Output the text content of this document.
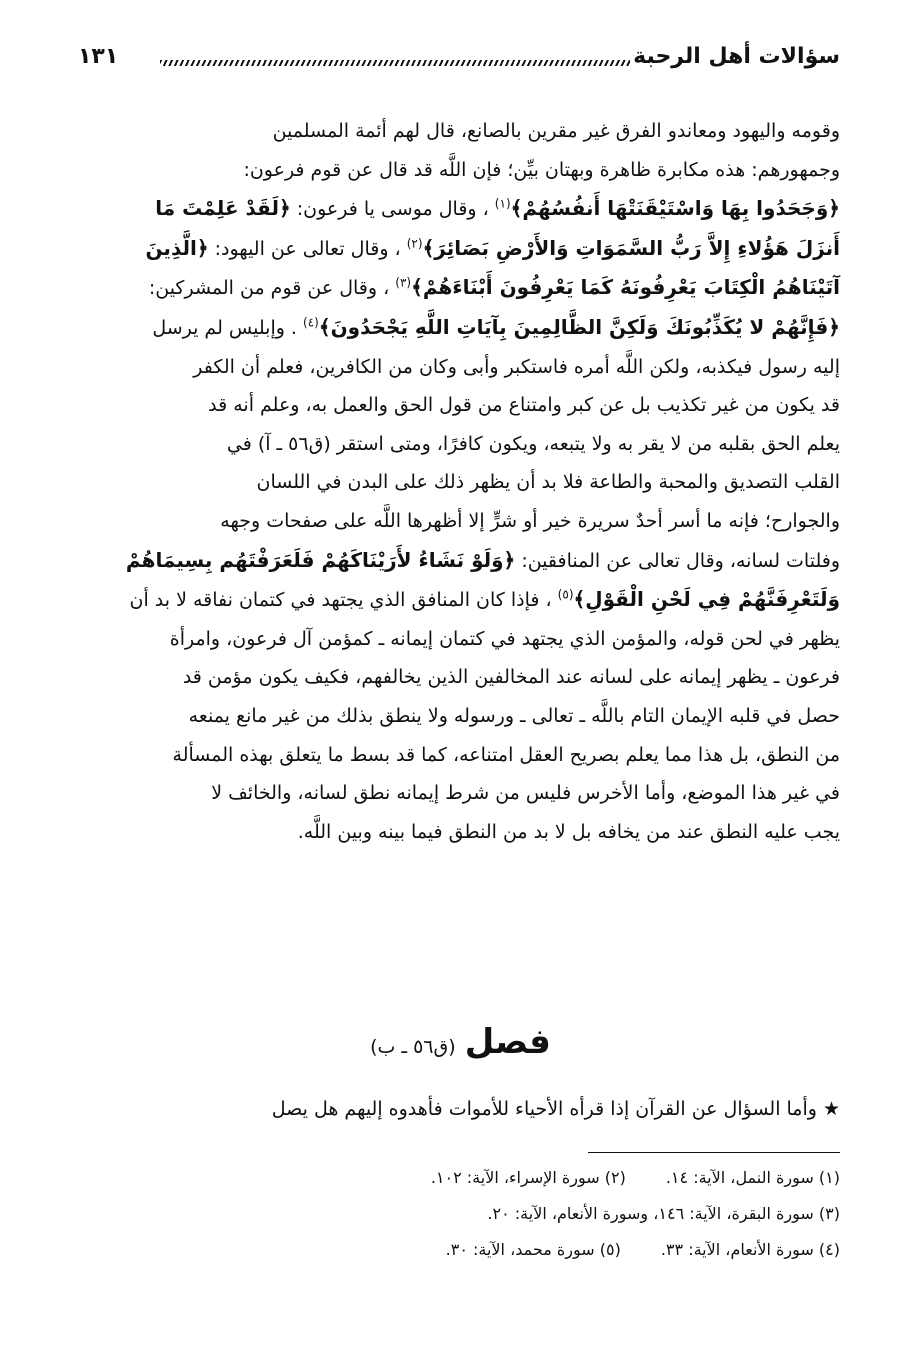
سؤالات أهل الرحبة
١٣١

وقومه واليهود ومعاندو الفرق غير مقرين بالصانع، قال لهم أئمة المسلمين

وجمهورهم: هذه مكابرة ظاهرة وبهتان بيِّن؛ فإن اللَّه قد قال عن قوم فرعون:

﴿وَجَحَدُوا بِهَا وَاسْتَيْقَنَتْهَا أَنفُسُهُمْ﴾$^{(١)}$ ، وقال موسى يا فرعون: ﴿لَقَدْ عَلِمْتَ مَا

أَنزَلَ هَؤُلاءِ إِلاَّ رَبُّ السَّمَوَاتِ وَالأَرْضِ بَصَائِرَ﴾$^{(٢)}$ ، وقال تعالى عن اليهود: ﴿الَّذِينَ

آتَيْنَاهُمُ الْكِتَابَ يَعْرِفُونَهُ كَمَا يَعْرِفُونَ أَبْنَاءَهُمْ﴾$^{(٣)}$ ، وقال عن قوم من المشركين:

﴿فَإِنَّهُمْ لا يُكَذِّبُونَكَ وَلَكِنَّ الظَّالِمِينَ بِآيَاتِ اللَّهِ يَجْحَدُونَ﴾$^{(٤)}$ . وإبليس لم يرسل

إليه رسول فيكذبه، ولكن اللَّه أمره فاستكبر وأبى وكان من الكافرين، فعلم أن الكفر

قد يكون من غير تكذيب بل عن كبر وامتناع من قول الحق والعمل به، وعلم أنه قد

يعلم الحق بقلبه من لا يقر به ولا يتبعه، ويكون كافرًا، ومتى استقر (ق٥٦ ـ آ) في

القلب التصديق والمحبة والطاعة فلا بد أن يظهر ذلك على البدن في اللسان

والجوارح؛ فإنه ما أسر أحدٌ سريرة خير أو شرٍّ إلا أظهرها اللَّه على صفحات وجهه

وفلتات لسانه، وقال تعالى عن المنافقين: ﴿وَلَوْ نَشَاءُ لأَرَيْنَاكَهُمْ فَلَعَرَفْتَهُم بِسِيمَاهُمْ

وَلَتَعْرِفَنَّهُمْ فِي لَحْنِ الْقَوْلِ﴾$^{(٥)}$ ، فإذا كان المنافق الذي يجتهد في كتمان نفاقه لا بد أن

يظهر في لحن قوله، والمؤمن الذي يجتهد في كتمان إيمانه ـ كمؤمن آل فرعون، وامرأة

فرعون ـ يظهر إيمانه على لسانه عند المخالفين الذين يخالفهم، فكيف يكون مؤمن قد

حصل في قلبه الإيمان التام باللَّه ـ تعالى ـ ورسوله ولا ينطق بذلك من غير مانع يمنعه

من النطق، بل هذا مما يعلم بصريح العقل امتناعه، كما قد بسط ما يتعلق بهذه المسألة

في غير هذا الموضع، وأما الأخرس فليس من شرط إيمانه نطق لسانه، والخائف لا

يجب عليه النطق عند من يخافه بل لا بد من النطق فيما بينه وبين اللَّه.

فصل (ق٥٦ ـ ب)
★ وأما السؤال عن القرآن إذا قرأه الأحياء للأموات فأهدوه إليهم هل يصل
(١) سورة النمل، الآية: ١٤.
(٢) سورة الإسراء، الآية: ١٠٢.
(٣) سورة البقرة، الآية: ١٤٦، وسورة الأنعام، الآية: ٢٠.
(٤) سورة الأنعام، الآية: ٣٣.
(٥) سورة محمد، الآية: ٣٠.
